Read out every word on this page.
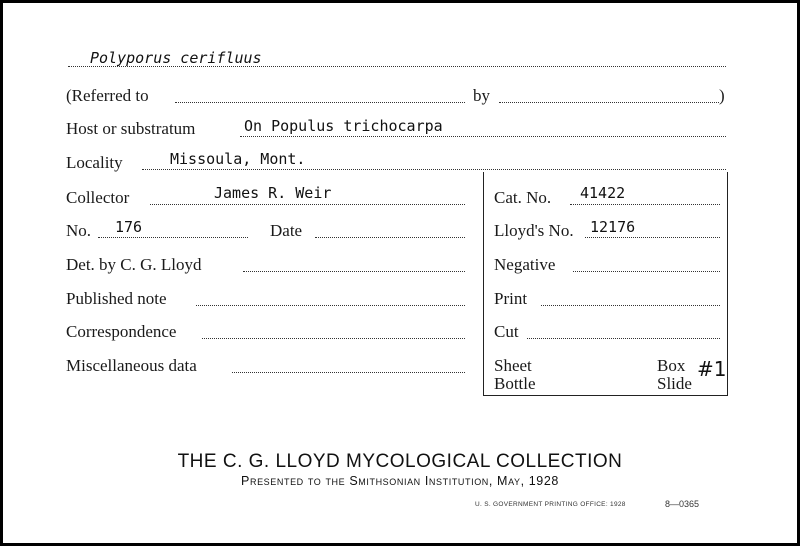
Polyporus cerifluus
(Referred to	by	)
Host or substratum	On Populus trichocarpa
Locality	Missoula, Mont.
Collector	James R. Weir
No. 176	Date
Det. by C. G. Lloyd
Published note
Correspondence
Miscellaneous data
Cat. No. 41422
Lloyd's No. 12176
Negative
Print
Cut
Sheet
Bottle
Box
Slide
#1
THE C. G. LLOYD MYCOLOGICAL COLLECTION
Presented to the Smithsonian Institution, May, 1928
U. S. GOVERNMENT PRINTING OFFICE: 1928	8—0365
